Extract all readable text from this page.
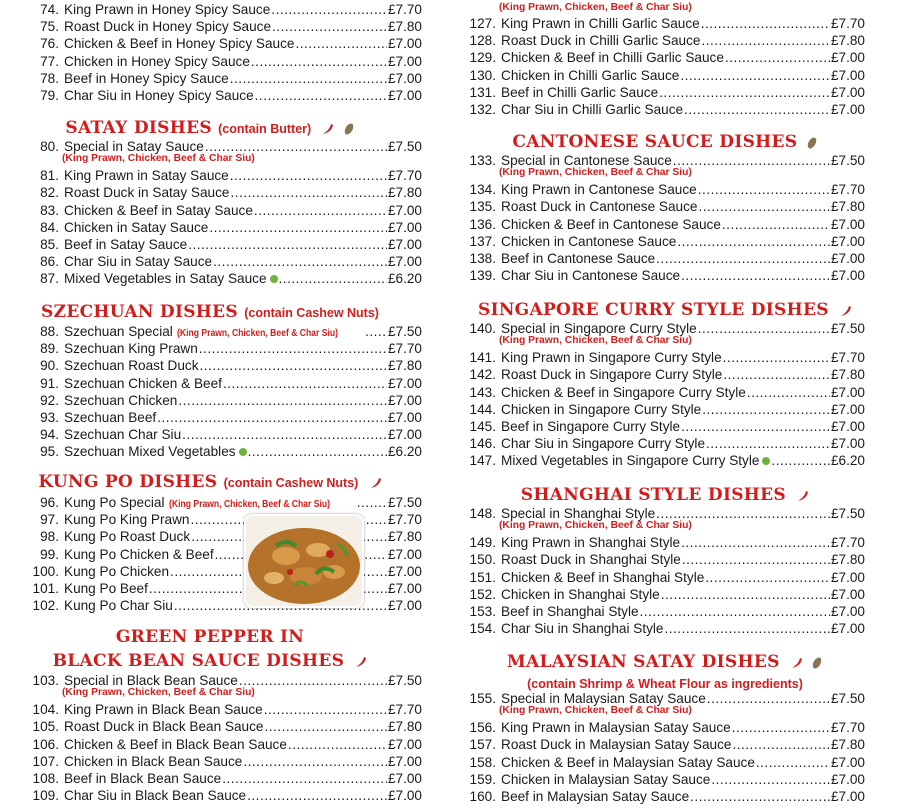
74. King Prawn in Honey Spicy Sauce .....	£7.70
75. Roast Duck in Honey Spicy Sauce .....	£7.80
76. Chicken & Beef in Honey Spicy Sauce .....	£7.00
77. Chicken in Honey Spicy Sauce .....	£7.00
78. Beef in Honey Spicy Sauce .....	£7.00
79. Char Siu in Honey Spicy Sauce .....	£7.00
SATAY DISHES (contain Butter)
80. Special in Satay Sauce .....	£7.50
(King Prawn, Chicken, Beef & Char Siu)
81. King Prawn in Satay Sauce .....	£7.70
82. Roast Duck in Satay Sauce .....	£7.80
83. Chicken & Beef in Satay Sauce .....	£7.00
84. Chicken in Satay Sauce .....	£7.00
85. Beef in Satay Sauce .....	£7.00
86. Char Siu in Satay Sauce .....	£7.00
87. Mixed Vegetables in Satay Sauce .....	£6.20
SZECHUAN DISHES (contain Cashew Nuts)
88. Szechuan Special (King Prawn, Chicken, Beef & Char Siu) .....	£7.50
89. Szechuan King Prawn .....	£7.70
90. Szechuan Roast Duck .....	£7.80
91. Szechuan Chicken & Beef .....	£7.00
92. Szechuan Chicken .....	£7.00
93. Szechuan Beef .....	£7.00
94. Szechuan Char Siu .....	£7.00
95. Szechuan Mixed Vegetables .....	£6.20
KUNG PO DISHES (contain Cashew Nuts)
96. Kung Po Special (King Prawn, Chicken, Beef & Char Siu) .....	£7.50
97. Kung Po King Prawn .....	£7.70
98. Kung Po Roast Duck .....	£7.80
99. Kung Po Chicken & Beef .....	£7.00
100. Kung Po Chicken .....	£7.00
101. Kung Po Beef .....	£7.00
102. Kung Po Char Siu .....	£7.00
GREEN PEPPER IN
BLACK BEAN SAUCE DISHES
103. Special in Black Bean Sauce .....	£7.50
(King Prawn, Chicken, Beef & Char Siu)
104. King Prawn in Black Bean Sauce .....	£7.70
105. Roast Duck in Black Bean Sauce .....	£7.80
106. Chicken & Beef in Black Bean Sauce .....	£7.00
107. Chicken in Black Bean Sauce .....	£7.00
108. Beef in Black Bean Sauce .....	£7.00
109. Char Siu in Black Bean Sauce .....	£7.00
(King Prawn, Chicken, Beef & Char Siu)
127. King Prawn in Chilli Garlic Sauce .....	£7.70
128. Roast Duck in Chilli Garlic Sauce .....	£7.80
129. Chicken & Beef in Chilli Garlic Sauce .....	£7.00
130. Chicken in Chilli Garlic Sauce .....	£7.00
131. Beef in Chilli Garlic Sauce .....	£7.00
132. Char Siu in Chilli Garlic Sauce .....	£7.00
CANTONESE SAUCE DISHES
133. Special in Cantonese Sauce .....	£7.50
(King Prawn, Chicken, Beef & Char Siu)
134. King Prawn in Cantonese Sauce .....	£7.70
135. Roast Duck in Cantonese Sauce .....	£7.80
136. Chicken & Beef in Cantonese Sauce .....	£7.00
137. Chicken in Cantonese Sauce .....	£7.00
138. Beef in Cantonese Sauce .....	£7.00
139. Char Siu in Cantonese Sauce .....	£7.00
SINGAPORE CURRY STYLE DISHES
140. Special in Singapore Curry Style .....	£7.50
(King Prawn, Chicken, Beef & Char Siu)
141. King Prawn in Singapore Curry Style .....	£7.70
142. Roast Duck in Singapore Curry Style .....	£7.80
143. Chicken & Beef in Singapore Curry Style .....	£7.00
144. Chicken in Singapore Curry Style .....	£7.00
145. Beef in Singapore Curry Style .....	£7.00
146. Char Siu in Singapore Curry Style .....	£7.00
147. Mixed Vegetables in Singapore Curry Style .....	£6.20
SHANGHAI STYLE DISHES
148. Special in Shanghai Style .....	£7.50
(King Prawn, Chicken, Beef & Char Siu)
149. King Prawn in Shanghai Style .....	£7.70
150. Roast Duck in Shanghai Style .....	£7.80
151. Chicken & Beef in Shanghai Style .....	£7.00
152. Chicken in Shanghai Style .....	£7.00
153. Beef in Shanghai Style .....	£7.00
154. Char Siu in Shanghai Style .....	£7.00
MALAYSIAN SATAY DISHES
(contain Shrimp & Wheat Flour as ingredients)
155. Special in Malaysian Satay Sauce .....	£7.50
(King Prawn, Chicken, Beef & Char Siu)
156. King Prawn in Malaysian Satay Sauce .....	£7.70
157. Roast Duck in Malaysian Satay Sauce .....	£7.80
158. Chicken & Beef in Malaysian Satay Sauce .....	£7.00
159. Chicken in Malaysian Satay Sauce .....	£7.00
160. Beef in Malaysian Satay Sauce .....	£7.00
